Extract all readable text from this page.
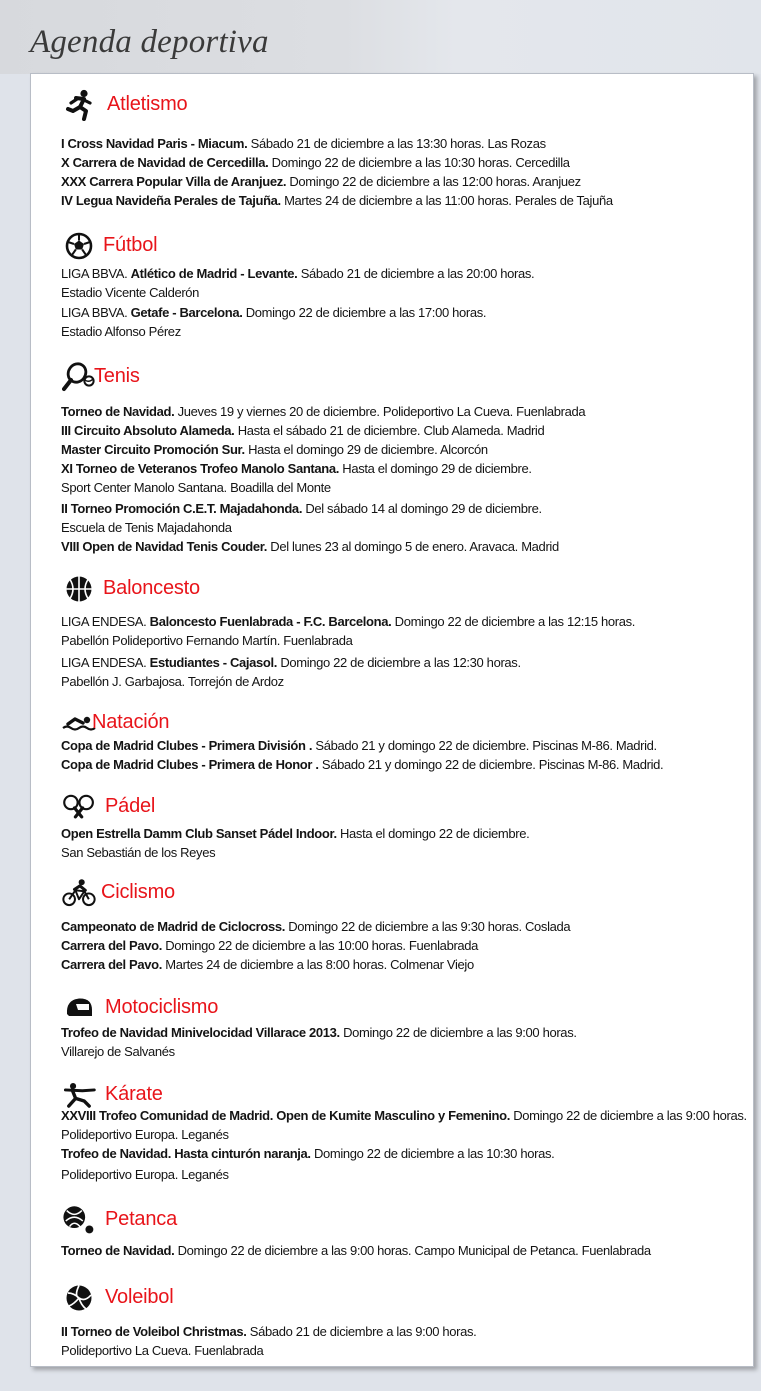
Agenda deportiva
Atletismo
I Cross Navidad Paris - Miacum. Sábado 21 de diciembre a las 13:30 horas. Las Rozas
X Carrera de Navidad de Cercedilla. Domingo 22 de diciembre a las 10:30 horas. Cercedilla
XXX Carrera Popular Villa de Aranjuez. Domingo 22 de diciembre a las 12:00 horas. Aranjuez
IV Legua Navideña Perales de Tajuña. Martes 24 de diciembre a las 11:00 horas. Perales de Tajuña
Fútbol
LIGA BBVA. Atlético de Madrid - Levante. Sábado 21 de diciembre a las 20:00 horas.
Estadio Vicente Calderón
LIGA BBVA. Getafe - Barcelona. Domingo 22 de diciembre a las 17:00 horas.
Estadio Alfonso Pérez
Tenis
Torneo de Navidad. Jueves 19 y viernes 20 de diciembre. Polideportivo La Cueva. Fuenlabrada
III Circuito Absoluto Alameda. Hasta el sábado 21 de diciembre. Club Alameda. Madrid
Master Circuito Promoción Sur. Hasta el domingo 29 de diciembre. Alcorcón
XI Torneo de Veteranos Trofeo Manolo Santana. Hasta el domingo 29 de diciembre.
Sport Center Manolo Santana. Boadilla del Monte
II Torneo Promoción C.E.T. Majadahonda. Del sábado 14 al domingo 29 de diciembre.
Escuela de Tenis Majadahonda
VIII Open de Navidad Tenis Couder. Del lunes 23 al domingo 5 de enero. Aravaca. Madrid
Baloncesto
LIGA ENDESA. Baloncesto Fuenlabrada - F.C. Barcelona. Domingo 22 de diciembre a las 12:15 horas.
Pabellón Polideportivo Fernando Martín. Fuenlabrada
LIGA ENDESA. Estudiantes - Cajasol. Domingo 22 de diciembre a las 12:30 horas.
Pabellón J. Garbajosa. Torrejón de Ardoz
Natación
Copa de Madrid Clubes - Primera División . Sábado 21 y domingo 22 de diciembre. Piscinas M-86. Madrid.
Copa de Madrid Clubes - Primera de Honor . Sábado 21 y domingo 22 de diciembre. Piscinas M-86. Madrid.
Pádel
Open Estrella Damm Club Sanset Pádel Indoor. Hasta el domingo 22 de diciembre.
San Sebastián de los Reyes
Ciclismo
Campeonato de Madrid de Ciclocross. Domingo 22 de diciembre a las 9:30 horas. Coslada
Carrera del Pavo. Domingo 22 de diciembre a las 10:00 horas. Fuenlabrada
Carrera del Pavo. Martes 24 de diciembre a las 8:00 horas. Colmenar Viejo
Motociclismo
Trofeo de Navidad Minivelocidad Villarace 2013. Domingo 22 de diciembre a las 9:00 horas.
Villarejo de Salvanés
Kárate
XXVIII Trofeo Comunidad de Madrid. Open de Kumite Masculino y Femenino. Domingo 22 de diciembre a las 9:00 horas. Polideportivo Europa. Leganés
Trofeo de Navidad. Hasta cinturón naranja. Domingo 22 de diciembre a las 10:30 horas.
Polideportivo Europa. Leganés
Petanca
Torneo de Navidad. Domingo 22 de diciembre a las 9:00 horas. Campo Municipal de Petanca. Fuenlabrada
Voleibol
II Torneo de Voleibol Christmas. Sábado 21 de diciembre a las 9:00 horas.
Polideportivo La Cueva. Fuenlabrada
